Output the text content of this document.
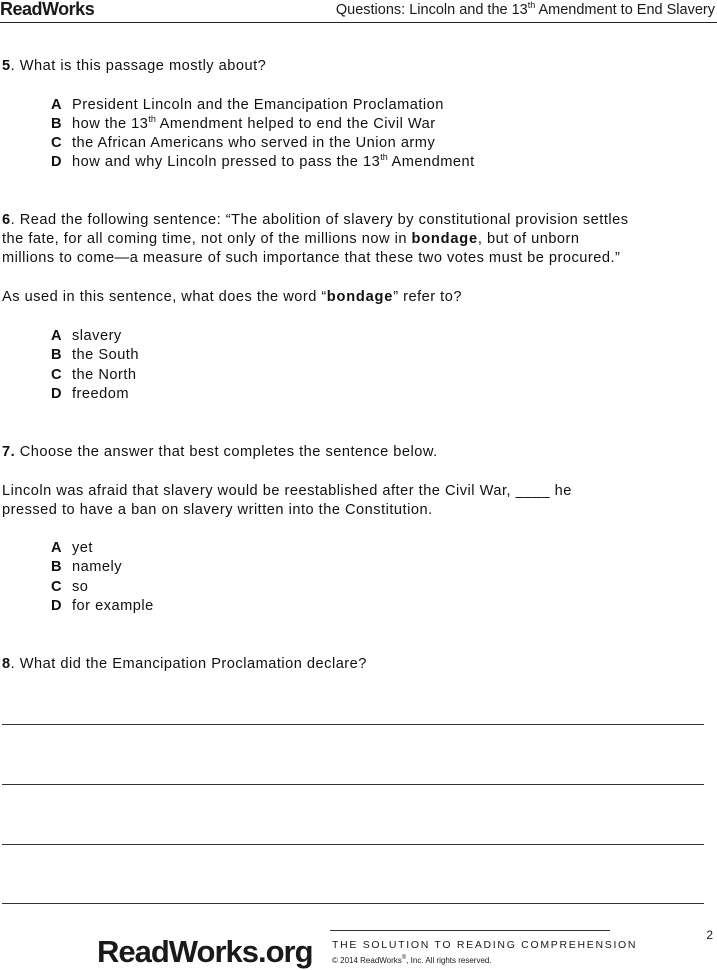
ReadWorks	Questions: Lincoln and the 13th Amendment to End Slavery
5. What is this passage mostly about?
A President Lincoln and the Emancipation Proclamation
B how the 13th Amendment helped to end the Civil War
C the African Americans who served in the Union army
D how and why Lincoln pressed to pass the 13th Amendment
6. Read the following sentence: “The abolition of slavery by constitutional provision settles
the fate, for all coming time, not only of the millions now in bondage, but of unborn
millions to come—a measure of such importance that these two votes must be procured.”
As used in this sentence, what does the word “bondage” refer to?
A slavery
B the South
C the North
D freedom
7. Choose the answer that best completes the sentence below.
Lincoln was afraid that slavery would be reestablished after the Civil War, ____ he
pressed to have a ban on slavery written into the Constitution.
A yet
B namely
C so
D for example
8. What did the Emancipation Proclamation declare?
ReadWorks.org THE SOLUTION TO READING COMPREHENSION
© 2014 ReadWorks®, Inc. All rights reserved.
2
